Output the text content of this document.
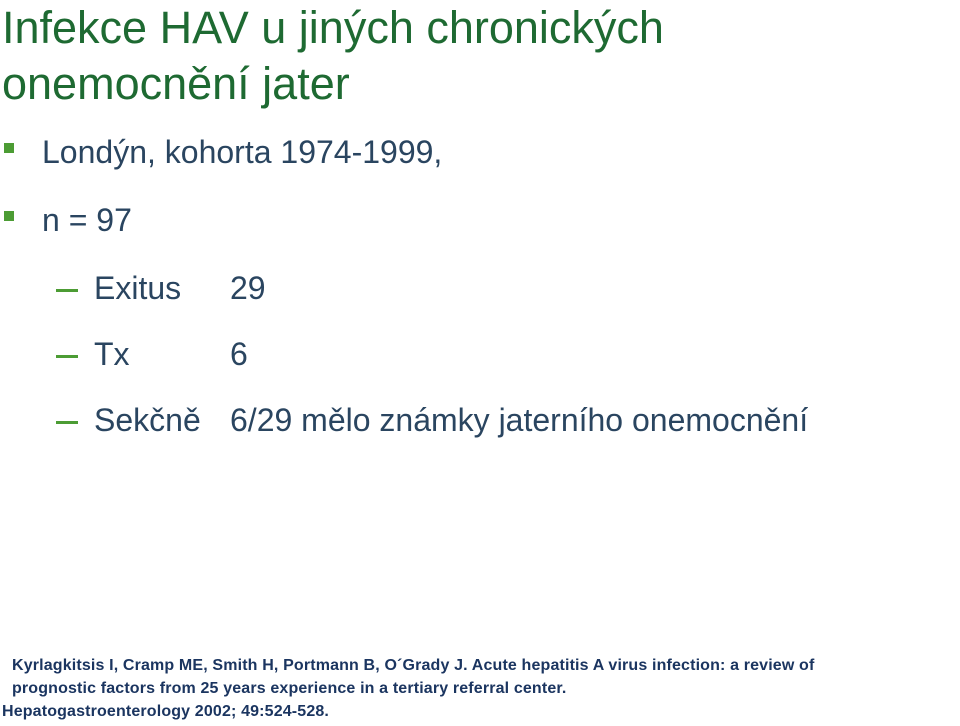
Infekce HAV u jiných chronických
onemocnění jater
Londýn, kohorta 1974-1999,
n = 97
Exitus	29
Tx	6
Sekčně 6/29 mělo známky jaterního onemocnění

Kyrlagkitsis I, Cramp ME, Smith H, Portmann B, O´Grady J. Acute hepatitis A virus infection: a review of
prognostic factors from 25 years experience in a tertiary referral center.
Hepatogastroenterology 2002; 49:524-528.
